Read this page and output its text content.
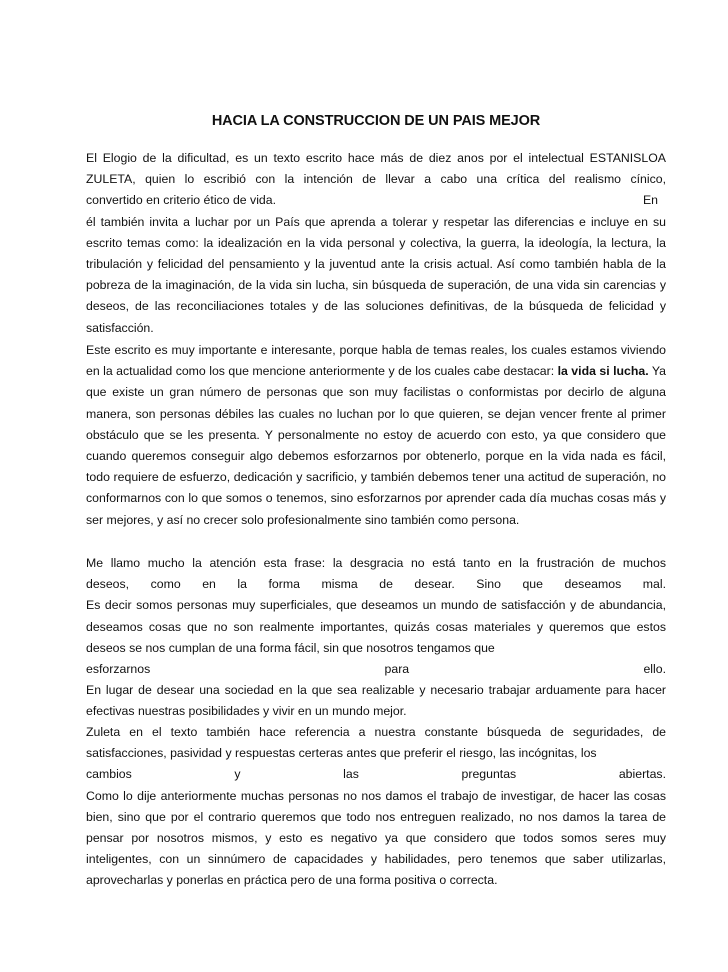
HACIA LA CONSTRUCCION DE UN PAIS MEJOR

El Elogio de la dificultad, es un texto escrito hace más de diez anos por el intelectual ESTANISLOA

ZULETA, quien lo escribió con la intención de llevar a cabo una crítica del realismo cínico,

convertido en criterio ético de vida.	En

él también invita a luchar por un País que aprenda a tolerar y respetar las diferencias e incluye en su escrito temas como: la idealización en la vida personal y colectiva, la guerra, la ideología, la lectura, la tribulación y felicidad del pensamiento y la juventud ante la crisis actual. Así como también habla de la pobreza de la imaginación, de la vida sin lucha, sin búsqueda de superación, de una vida sin carencias y deseos, de las reconciliaciones totales y de las soluciones definitivas, de la búsqueda de felicidad y satisfacción.

Este escrito es muy importante e interesante, porque habla de temas reales, los cuales estamos viviendo en la actualidad como los que mencione anteriormente y de los cuales cabe destacar: la vida si lucha. Ya que existe un gran número de personas que son muy facilistas o conformistas por decirlo de alguna manera, son personas débiles las cuales no luchan por lo que quieren, se dejan vencer frente al primer obstáculo que se les presenta. Y personalmente no estoy de acuerdo con esto, ya que considero que cuando queremos conseguir algo debemos esforzarnos por obtenerlo, porque en la vida nada es fácil, todo requiere de esfuerzo, dedicación y sacrificio, y también debemos tener una actitud de superación, no conformarnos con lo que somos o tenemos, sino esforzarnos por aprender cada día muchas cosas más y ser mejores, y así no crecer solo profesionalmente sino también como persona.

Me llamo mucho la atención esta frase: la desgracia no está tanto en la frustración de muchos

deseos, como en la forma misma de desear. Sino que deseamos mal.

Es decir somos personas muy superficiales, que deseamos un mundo de satisfacción y de abundancia, deseamos cosas que no son realmente importantes, quizás cosas materiales y queremos que estos deseos se nos cumplan de una forma fácil, sin que nosotros tengamos que

esforzarnos para ello.

En lugar de desear una sociedad en la que sea realizable y necesario trabajar arduamente para hacer efectivas nuestras posibilidades y vivir en un mundo mejor.

Zuleta en el texto también hace referencia a nuestra constante búsqueda de seguridades, de satisfacciones, pasividad y respuestas certeras antes que preferir el riesgo, las incógnitas, los

cambios y las preguntas abiertas.

Como lo dije anteriormente muchas personas no nos damos el trabajo de investigar, de hacer las cosas bien, sino que por el contrario queremos que todo nos entreguen realizado, no nos damos la tarea de pensar por nosotros mismos, y esto es negativo ya que considero que todos somos seres muy inteligentes, con un sinnúmero de capacidades y habilidades, pero tenemos que saber utilizarlas, aprovecharlas y ponerlas en práctica pero de una forma positiva o correcta.
